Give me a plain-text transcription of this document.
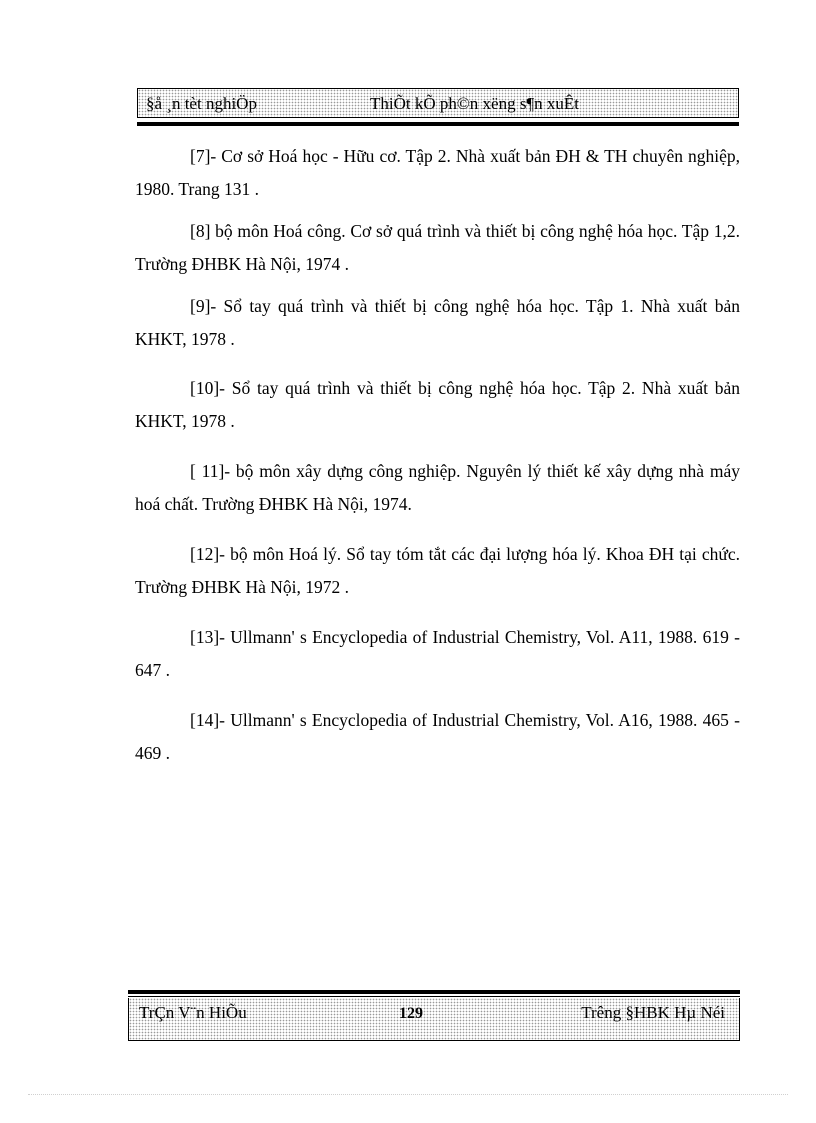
§å ¸n tèt nghiÖp	ThiÕt kÕ ph©n xëng s¶n xuÊt

[7]- Cơ sở Hoá học - Hữu cơ. Tập 2. Nhà xuất bản ĐH & TH chuyên nghiệp, 1980. Trang 131 .

[8] bộ môn Hoá công. Cơ sở quá trình và thiết bị công nghệ hóa học. Tập 1,2. Trường ĐHBK Hà Nội, 1974 .

[9]- Sổ tay quá trình và thiết bị công nghệ hóa học. Tập 1. Nhà xuất bản KHKT, 1978 .

[10]- Sổ tay quá trình và thiết bị công nghệ hóa học. Tập 2. Nhà xuất bản KHKT, 1978 .

[ 11]- bộ môn xây dựng công nghiệp. Nguyên lý thiết kế xây dựng nhà máy hoá chất. Trường ĐHBK Hà Nội, 1974.

[12]- bộ môn Hoá lý. Sổ tay tóm tắt các đại lượng hóa lý. Khoa ĐH tại chức. Trường ĐHBK Hà Nội, 1972 .

[13]- Ullmann' s Encyclopedia of Industrial Chemistry, Vol. A11, 1988. 619 - 647 .

[14]- Ullmann' s Encyclopedia of Industrial Chemistry, Vol. A16, 1988. 465 - 469 .

TrÇn V¨n HiÕu	129	Trêng §HBK Hµ Néi
